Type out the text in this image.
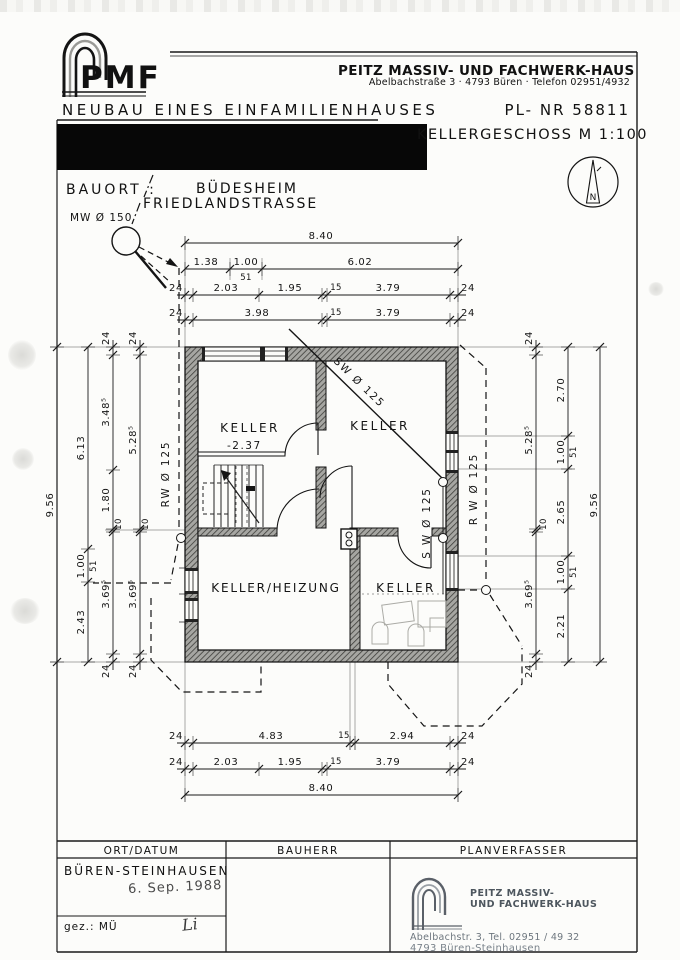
8.40
1.38 1.00	6.02
51
24	2.03	1.95	15	3.79	24
24	3.98	15	3.79	24
24	4.83	15	2.94	24
24	2.03	1.95	15	3.79	24
8.40
9.56
6.13
1.00 51
2.43
24
3.48⁵
1.80
10
3.69⁵
24
24
5.28⁵
10
3.69⁵
24
24
5.28⁵
10
3.69⁵
24
2.70
1.00 51
2.65
1.00 51
2.21
9.56
KELLER
-2.37
KELLER
KELLER/HEIZUNG	KELLER
SW Ø 125
S W Ø 125
RW Ø 125	R W Ø 125
N
PMF	PEITZ MASSIV- UND FACHWERK-HAUS
Abelbachstraße 3 · 4793 Büren · Telefon 02951/4932
NEUBAU EINES EINFAMILIENHAUSES	PL- NR 58811
KELLERGESCHOSS M 1:100
BAUORT :	BÜDESHEIM
FRIEDLANDSTRASSE
MW Ø 150
ORT/DATUM	BAUHERR	PLANVERFASSER
BÜREN-STEINHAUSEN
6. Sep. 1988
gez.: MÜ	Li
PEITZ MASSIV-
UND FACHWERK-HAUS
Abelbachstr. 3, Tel. 02951 / 49 32
4793 Büren-Steinhausen
